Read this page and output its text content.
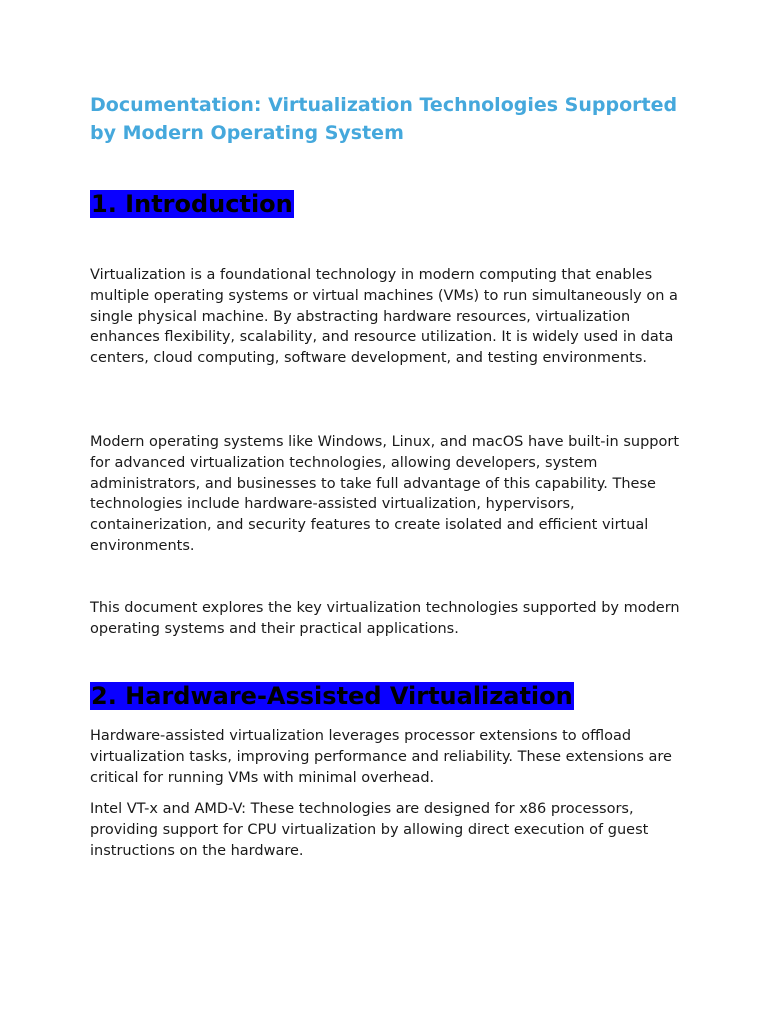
Documentation: Virtualization Technologies Supported by Modern Operating System
1. Introduction

Virtualization is a foundational technology in modern computing that enables multiple operating systems or virtual machines (VMs) to run simultaneously on a single physical machine. By abstracting hardware resources, virtualization enhances flexibility, scalability, and resource utilization. It is widely used in data centers, cloud computing, software development, and testing environments.

Modern operating systems like Windows, Linux, and macOS have built-in support for advanced virtualization technologies, allowing developers, system administrators, and businesses to take full advantage of this capability. These technologies include hardware-assisted virtualization, hypervisors, containerization, and security features to create isolated and efficient virtual environments.

This document explores the key virtualization technologies supported by modern operating systems and their practical applications.

2. Hardware-Assisted Virtualization

Hardware-assisted virtualization leverages processor extensions to offload virtualization tasks, improving performance and reliability. These extensions are critical for running VMs with minimal overhead.

Intel VT-x and AMD-V: These technologies are designed for x86 processors, providing support for CPU virtualization by allowing direct execution of guest instructions on the hardware.
